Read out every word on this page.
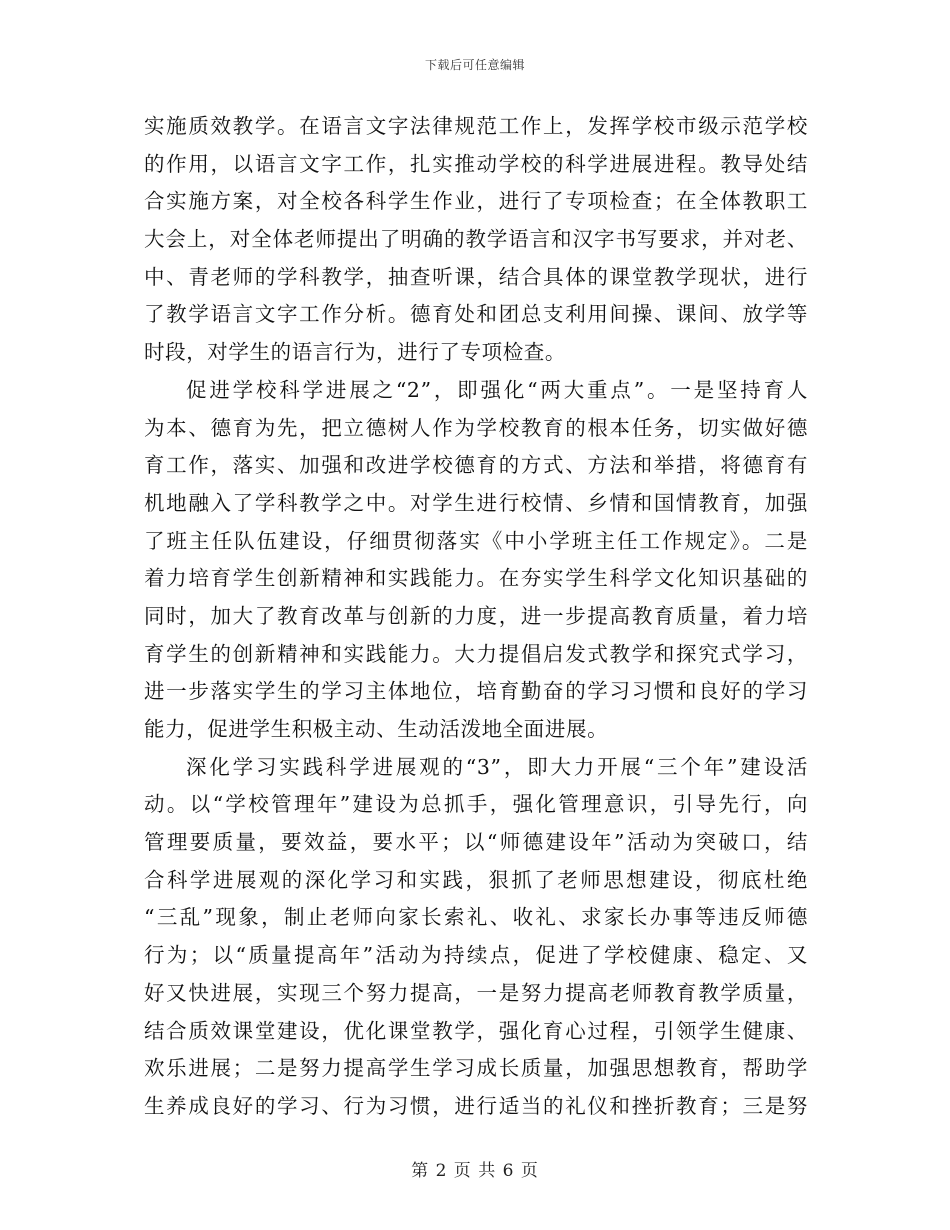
下载后可任意编辑
实施质效教学。在语言文字法律规范工作上，发挥学校市级示范学校
的作用，以语言文字工作，扎实推动学校的科学进展进程。教导处结
合实施方案，对全校各科学生作业，进行了专项检查；在全体教职工
大会上，对全体老师提出了明确的教学语言和汉字书写要求，并对老、
中、青老师的学科教学，抽查听课，结合具体的课堂教学现状，进行
了教学语言文字工作分析。德育处和团总支利用间操、课间、放学等
时段，对学生的语言行为，进行了专项检查。
促进学校科学进展之“2”，即强化“两大重点”。一是坚持育人
为本、德育为先，把立德树人作为学校教育的根本任务，切实做好德
育工作，落实、加强和改进学校德育的方式、方法和举措，将德育有
机地融入了学科教学之中。对学生进行校情、乡情和国情教育，加强
了班主任队伍建设，仔细贯彻落实《中小学班主任工作规定》。二是
着力培育学生创新精神和实践能力。在夯实学生科学文化知识基础的
同时，加大了教育改革与创新的力度，进一步提高教育质量，着力培
育学生的创新精神和实践能力。大力提倡启发式教学和探究式学习，
进一步落实学生的学习主体地位，培育勤奋的学习习惯和良好的学习
能力，促进学生积极主动、生动活泼地全面进展。
深化学习实践科学进展观的“3”，即大力开展“三个年”建设活
动。以“学校管理年”建设为总抓手，强化管理意识，引导先行，向
管理要质量，要效益，要水平；以“师德建设年”活动为突破口，结
合科学进展观的深化学习和实践，狠抓了老师思想建设，彻底杜绝
“三乱”现象，制止老师向家长索礼、收礼、求家长办事等违反师德
行为；以“质量提高年”活动为持续点，促进了学校健康、稳定、又
好又快进展，实现三个努力提高，一是努力提高老师教育教学质量，
结合质效课堂建设，优化课堂教学，强化育心过程，引领学生健康、
欢乐进展；二是努力提高学生学习成长质量，加强思想教育，帮助学
生养成良好的学习、行为习惯，进行适当的礼仪和挫折教育；三是努
第 2 页 共 6 页
